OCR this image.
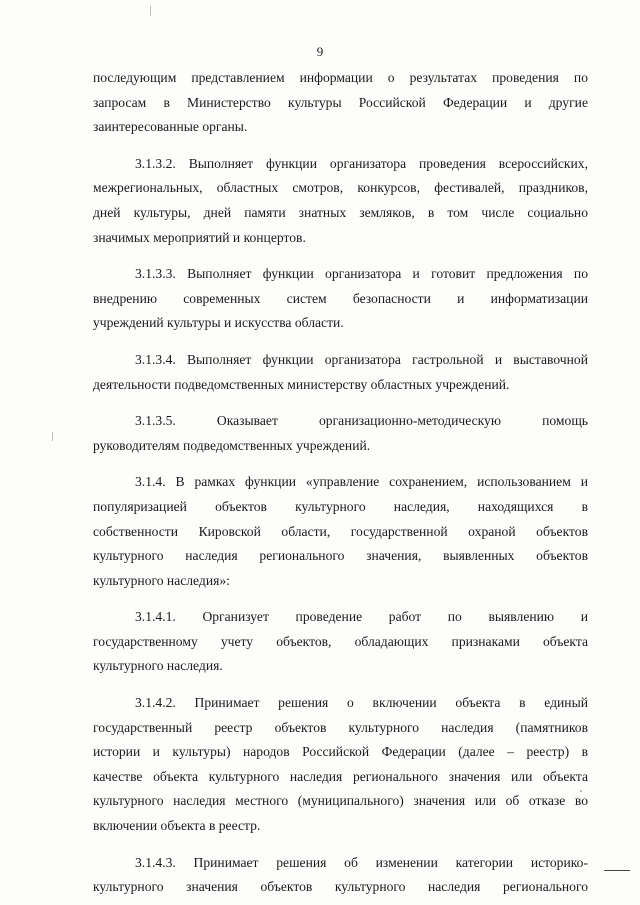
9

последующим представлением информации о результатах проведения по
запросам в Министерство культуры Российской Федерации и другие
заинтересованные органы.

3.1.3.2. Выполняет функции организатора проведения всероссийских,
межрегиональных, областных смотров, конкурсов, фестивалей, праздников,
дней культуры, дней памяти знатных земляков, в том числе социально
значимых мероприятий и концертов.

3.1.3.3. Выполняет функции организатора и готовит предложения по
внедрению современных систем безопасности и информатизации
учреждений культуры и искусства области.

3.1.3.4. Выполняет функции организатора гастрольной и выставочной
деятельности подведомственных министерству областных учреждений.

3.1.3.5. Оказывает организационно-методическую помощь
руководителям подведомственных учреждений.

3.1.4. В рамках функции «управление сохранением, использованием и
популяризацией объектов культурного наследия, находящихся в
собственности Кировской области, государственной охраной объектов
культурного наследия регионального значения, выявленных объектов
культурного наследия»:

3.1.4.1. Организует проведение работ по выявлению и
государственному учету объектов, обладающих признаками объекта
культурного наследия.

3.1.4.2. Принимает решения о включении объекта в единый
государственный реестр объектов культурного наследия (памятников
истории и культуры) народов Российской Федерации (далее – реестр) в
качестве объекта культурного наследия регионального значения или объекта
культурного наследия местного (муниципального) значения или об отказе во
включении объекта в реестр.

3.1.4.3. Принимает решения об изменении категории историко-
культурного значения объектов культурного наследия регионального
